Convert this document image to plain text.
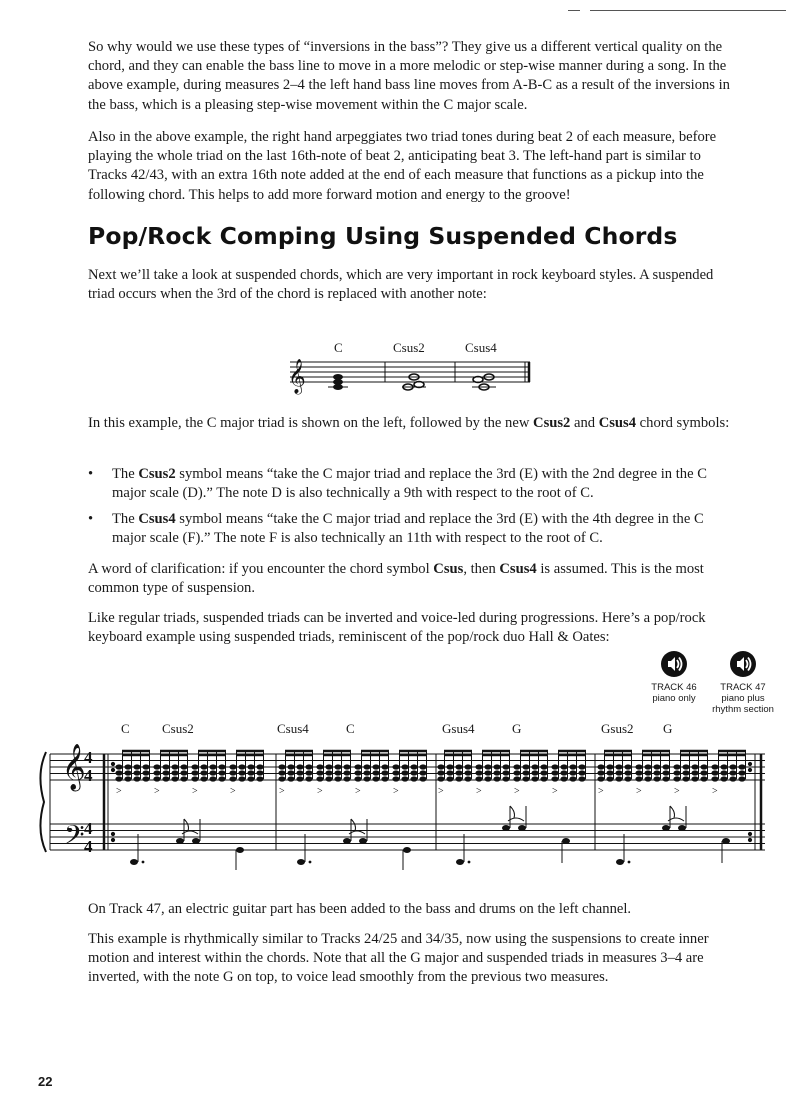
So why would we use these types of “inversions in the bass”? They give us a different vertical quality on the chord, and they can enable the bass line to move in a more melodic or step-wise manner during a song. In the above example, during measures 2–4 the left hand bass line moves from A-B-C as a result of the inversions in the bass, which is a pleasing step-wise movement within the C major scale.

Also in the above example, the right hand arpeggiates two triad tones during beat 2 of each measure, before playing the whole triad on the last 16th-note of beat 2, anticipating beat 3. The left-hand part is similar to Tracks 42/43, with an extra 16th note added at the end of each measure that functions as a pickup into the following chord. This helps to add more forward motion and energy to the groove!

Pop/Rock Comping Using Suspended Chords

Next we’ll take a look at suspended chords, which are very important in rock keyboard styles. A suspended triad occurs when the 3rd of the chord is replaced with another note:

C	Csus2	Csus4
𝄞

In this example, the C major triad is shown on the left, followed by the new Csus2 and Csus4 chord symbols:

• The Csus2 symbol means “take the C major triad and replace the 3rd (E) with the 2nd degree in the C major scale (D).” The note D is also technically a 9th with respect to the root of C.
• The Csus4 symbol means “take the C major triad and replace the 3rd (E) with the 4th degree in the C major scale (F).” The note F is also technically an 11th with respect to the root of C.

A word of clarification: if you encounter the chord symbol Csus, then Csus4 is assumed. This is the most common type of suspension.

Like regular triads, suspended triads can be inverted and voice-led during progressions. Here’s a pop/rock keyboard example using suspended triads, reminiscent of the pop/rock duo Hall & Oates:

TRACK 46
piano only
TRACK 47
piano plus
rhythm section
C Csus2	Csus4	C	Gsus4	G	Gsus2 G
𝄞
𝄢
4
4
4
4
>	>	>	>	>	>	>	>	>	>	>	>	>	>	>	>

On Track 47, an electric guitar part has been added to the bass and drums on the left channel.

This example is rhythmically similar to Tracks 24/25 and 34/35, now using the suspensions to create inner motion and interest within the chords. Note that all the G major and suspended triads in measures 3–4 are inverted, with the note G on top, to voice lead smoothly from the previous two measures.

22
